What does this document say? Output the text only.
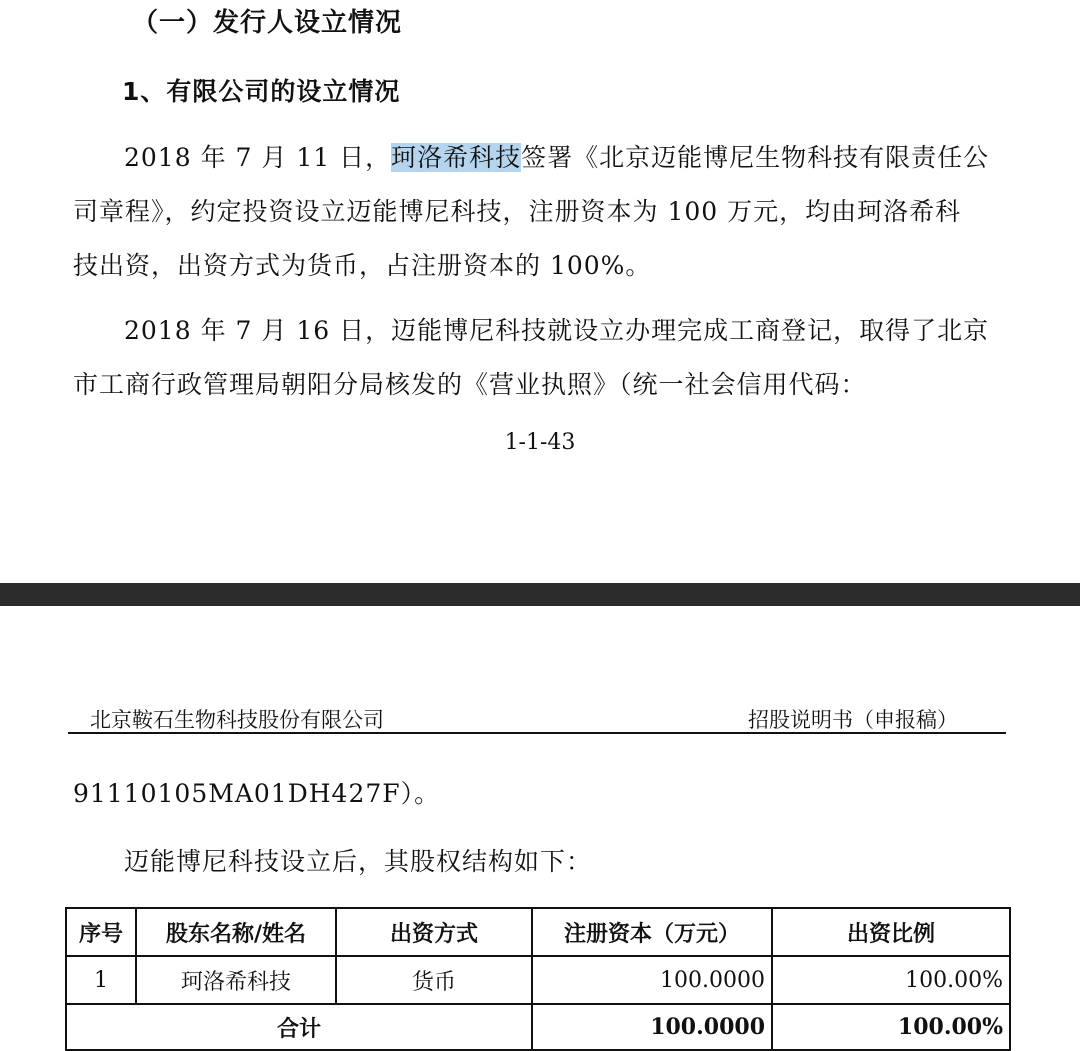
（一）发行人设立情况
1、有限公司的设立情况
2018 年 7 月 11 日，珂洛希科技签署《北京迈能博尼生物科技有限责任公
司章程》，约定投资设立迈能博尼科技，注册资本为 100 万元，均由珂洛希科
技出资，出资方式为货币，占注册资本的 100%。
2018 年 7 月 16 日，迈能博尼科技就设立办理完成工商登记，取得了北京
市工商行政管理局朝阳分局核发的《营业执照》（统一社会信用代码：
1-1-43
北京鞍石生物科技股份有限公司	招股说明书（申报稿）
91110105MA01DH427F）。
迈能博尼科技设立后，其股权结构如下：
序号	股东名称/姓名	出资方式	注册资本（万元）	出资比例
1	珂洛希科技	货币	100.0000	100.00%
合计			100.0000	100.00%
